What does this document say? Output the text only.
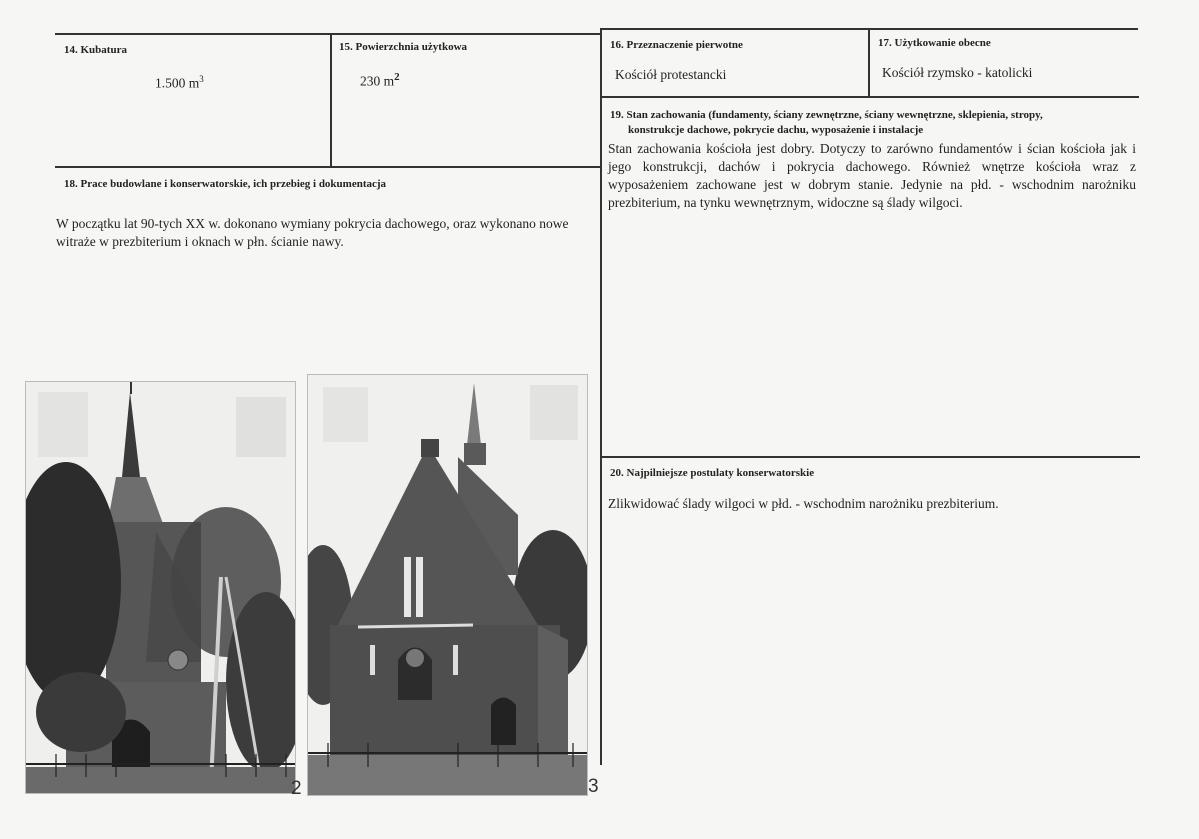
14. Kubatura
1.500 $m^3$
15. Powierzchnia użytkowa
230 $m^2$
16. Przeznaczenie pierwotne
Kościół protestancki
17. Użytkowanie obecne
Kościół rzymsko - katolicki
18. Prace budowlane i konserwatorskie, ich przebieg i dokumentacja
W początku lat 90-tych XX w. dokonano wymiany pokrycia dachowego, oraz wykonano nowe witraże w prezbiterium i oknach w płn. ścianie nawy.
19. Stan zachowania (fundamenty, ściany zewnętrzne, ściany wewnętrzne, sklepienia, stropy,
konstrukcje dachowe, pokrycie dachu, wyposażenie i instalacje
Stan zachowania kościoła jest dobry. Dotyczy to zarówno fundamentów i ścian kościoła jak i jego konstrukcji, dachów i pokrycia dachowego. Również wnętrze kościoła wraz z wyposażeniem zachowane jest w dobrym stanie. Jedynie na płd. - wschodnim narożniku prezbiterium, na tynku wewnętrznym, widoczne są ślady wilgoci.
20. Najpilniejsze postulaty konserwatorskie
Zlikwidować ślady wilgoci w płd. - wschodnim narożniku prezbiterium.
2	3
